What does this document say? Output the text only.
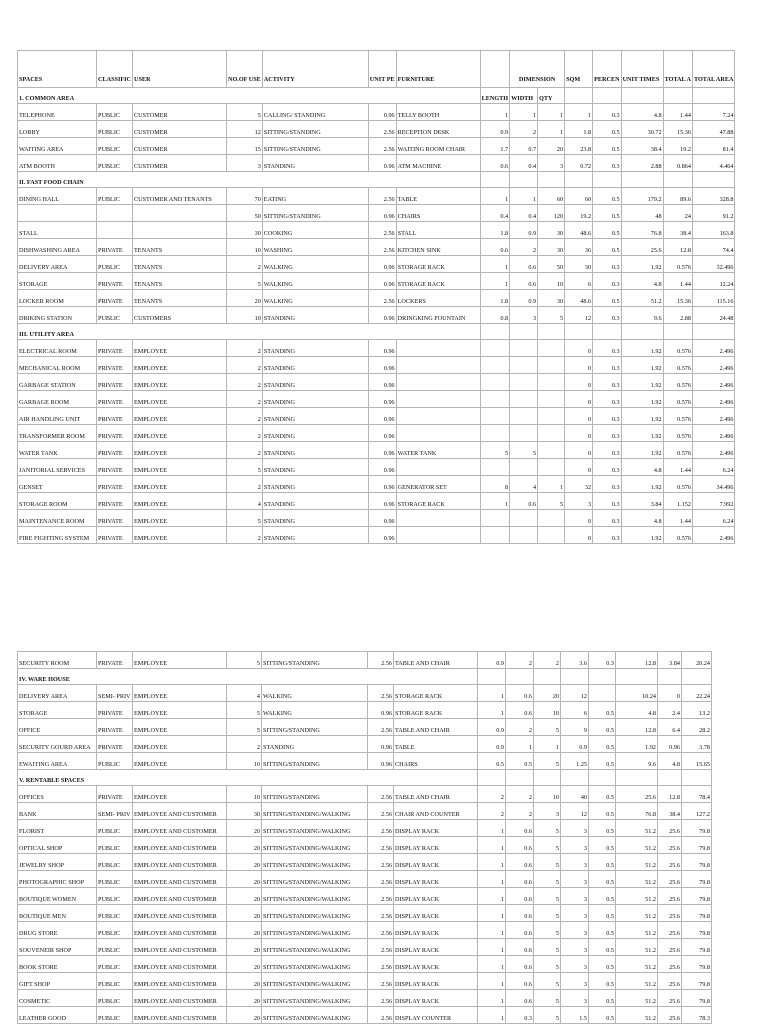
SPACES	CLASSIFIC	USER	NO.OF USE	ACTIVITY	UNIT PE	FURNITURE		DIMENSION		SQM	PERCEN	UNIT TIMES	TOTAL A	TOTAL AREA
1. COMMON AREA							LENGTH	WIDTH	QTY					
TELEPHONE	PUBLIC	CUSTOMER	5	CALLING/ STANDING	0.96	TELLY BOOTH	1	1	1	1	0.3	4.8	1.44	7.24
LOBBY	PUBLIC	CUSTOMER	12	SITTING/STANDING	2.56	RECEPTION DESK	0.9	2	1	1.8	0.5	30.72	15.36	47.88
WAITING AREA	PUBLIC	CUSTOMER	15	SITTING/STANDING	2.56	WAITING ROOM CHAIR	1.7	0.7	20	23.8	0.5	38.4	19.2	81.4
ATM BOOTH	PUBLIC	CUSTOMER	3	STANDING	0.96	ATM MACHINE	0.6	0.4	3	0.72	0.3	2.88	0.864	4.464
II. FAST FOOD CHAIN														
DINING HALL	PUBLIC	CUSTOMER AND TENANTS	70	EATING	2.56	TABLE	1	1	60	60	0.5	179.2	89.6	328.8
			50	SITTING/STANDING	0.96	CHAIRS	0.4	0.4	120	19.2	0.5	48	24	91.2
STALL			30	COOKING	2.56	STALL	1.8	0.9	30	48.6	0.5	76.8	38.4	163.8
DISHWASHING AREA	PRIVATE	TENANTS	10	WASHING	2.56	KITCHEN SINK	0.6	2	30	36	0.5	25.6	12.8	74.4
DELIVERY AREA	PUBLIC	TENANTS	2	WALKING	0.96	STORAGE RACK	1	0.6	50	30	0.3	1.92	0.576	32.496
STORAGE	PRIVATE	TENANTS	5	WALKING	0.96	STORAGE RACK	1	0.6	10	6	0.3	4.8	1.44	12.24
LOCKER ROOM	PRIVATE	TENANTS	20	WALKING	2.56	LOCKERS	1.8	0.9	30	48.6	0.5	51.2	15.36	115.16
DRIKING STATION	PUBLIC	CUSTOMERS	10	STANDING	0.96	DRINGKING FOUNTAIN	0.8	3	5	12	0.3	9.6	2.88	24.48
III. UTILITY AREA														
ELECTRICAL ROOM	PRIVATE	EMPLOYEE	2	STANDING	0.96					0	0.3	1.92	0.576	2.496
MECHANICAL ROOM	PRIVATE	EMPLOYEE	2	STANDING	0.96					0	0.3	1.92	0.576	2.496
GARBAGE STATION	PRIVATE	EMPLOYEE	2	STANDING	0.96					0	0.3	1.92	0.576	2.496
GARBAGE ROOM	PRIVATE	EMPLOYEE	2	STANDING	0.96					0	0.3	1.92	0.576	2.496
AIR HANDLING UNIT	PRIVATE	EMPLOYEE	2	STANDING	0.96					0	0.3	1.92	0.576	2.496
TRANSFORMER ROOM	PRIVATE	EMPLOYEE	2	STANDING	0.96					0	0.3	1.92	0.576	2.496
WATER TANK	PRIVATE	EMPLOYEE	2	STANDING	0.96	WATER TANK	5	5		0	0.3	1.92	0.576	2.496
JANITORIAL SERVICES	PRIVATE	EMPLOYEE	5	STANDING	0.96					0	0.3	4.8	1.44	6.24
GENSET	PRIVATE	EMPLOYEE	2	STANDING	0.96	GENERATOR SET	8	4	1	32	0.3	1.92	0.576	34.496
STORAGE ROOM	PRIVATE	EMPLOYEE	4	STANDING	0.96	STORAGE RACK	1	0.6	5	3	0.3	3.84	1.152	7.992
MAINTENANCE ROOM	PRIVATE	EMPLOYEE	5	STANDING	0.96					0	0.3	4.8	1.44	6.24
FIRE FIGHTING SYSTEM	PRIVATE	EMPLOYEE	2	STANDING	0.96					0	0.3	1.92	0.576	2.496
SECURITY ROOM	PRIVATE	EMPLOYEE	5	SITTING/STANDING	2.56	TABLE AND CHAIR	0.9	2	2	3.6	0.3	12.8	3.84	20.24
IV. WARE HOUSE														
DELIVERY AREA	SEMI- PRIV	EMPLOYEE	4	WALKING	2.56	STORAGE RACK	1	0.6	20	12		10.24	0	22.24
STORAGE	PRIVATE	EMPLOYEE	5	WALKING	0.96	STORAGE RACK	1	0.6	10	6	0.5	4.8	2.4	13.2
OFFICE	PRIVATE	EMPLOYEE	5	SITTING/STANDING	2.56	TABLE AND CHAIR	0.9	2	5	9	0.5	12.8	6.4	28.2
SECURITY GOURD AREA	PRIVATE	EMPLOYEE	2	STANDING	0.96	TABLE	0.9	1	1	0.9	0.5	1.92	0.96	3.78
EWAITING AREA	PUBLIC	EMPLOYEE	10	SITTING/STANDING	0.96	CHAIRS	0.5	0.5	5	1.25	0.5	9.6	4.8	15.65
V. RENTABLE SPACES														
OFFICES	PRIVATE	EMPLOYEE	10	SITTING/STANDING	2.56	TABLE AND CHAIR	2	2	10	40	0.5	25.6	12.8	78.4
BANK	SEMI- PRIV	EMPLOYEE AND CUSTOMER	30	SITTING/STANDING/WALKING	2.56	CHAIR AND COUNTER	2	2	3	12	0.5	76.8	38.4	127.2
FLORIST	PUBLIC	EMPLOYEE AND CUSTOMER	20	SITTING/STANDING/WALKING	2.56	DISPLAY RACK	1	0.6	5	3	0.5	51.2	25.6	79.8
OPTICAL SHOP	PUBLIC	EMPLOYEE AND CUSTOMER	20	SITTING/STANDING/WALKING	2.56	DISPLAY RACK	1	0.6	5	3	0.5	51.2	25.6	79.8
JEWELRY SHOP	PUBLIC	EMPLOYEE AND CUSTOMER	20	SITTING/STANDING/WALKING	2.56	DISPLAY RACK	1	0.6	5	3	0.5	51.2	25.6	79.8
PHOTOGRAPHIC SHOP	PUBLIC	EMPLOYEE AND CUSTOMER	20	SITTING/STANDING/WALKING	2.56	DISPLAY RACK	1	0.6	5	3	0.5	51.2	25.6	79.8
BOUTIQUE WOMEN	PUBLIC	EMPLOYEE AND CUSTOMER	20	SITTING/STANDING/WALKING	2.56	DISPLAY RACK	1	0.6	5	3	0.5	51.2	25.6	79.8
BOUTIQUE MEN	PUBLIC	EMPLOYEE AND CUSTOMER	20	SITTING/STANDING/WALKING	2.56	DISPLAY RACK	1	0.6	5	3	0.5	51.2	25.6	79.8
DRUG STORE	PUBLIC	EMPLOYEE AND CUSTOMER	20	SITTING/STANDING/WALKING	2.56	DISPLAY RACK	1	0.6	5	3	0.5	51.2	25.6	79.8
SOUVENEIR SHOP	PUBLIC	EMPLOYEE AND CUSTOMER	20	SITTING/STANDING/WALKING	2.56	DISPLAY RACK	1	0.6	5	3	0.5	51.2	25.6	79.8
BOOK STORE	PUBLIC	EMPLOYEE AND CUSTOMER	20	SITTING/STANDING/WALKING	2.56	DISPLAY RACK	1	0.6	5	3	0.5	51.2	25.6	79.8
GIFT SHOP	PUBLIC	EMPLOYEE AND CUSTOMER	20	SITTING/STANDING/WALKING	2.56	DISPLAY RACK	1	0.6	5	3	0.5	51.2	25.6	79.8
COSMETIC	PUBLIC	EMPLOYEE AND CUSTOMER	20	SITTING/STANDING/WALKING	2.56	DISPLAY RACK	1	0.6	5	3	0.5	51.2	25.6	79.8
LEATHER GOOD	PUBLIC	EMPLOYEE AND CUSTOMER	20	SITTING/STANDING/WALKING	2.56	DISPLAY COUNTER	1	0.3	5	1.5	0.5	51.2	25.6	78.3
